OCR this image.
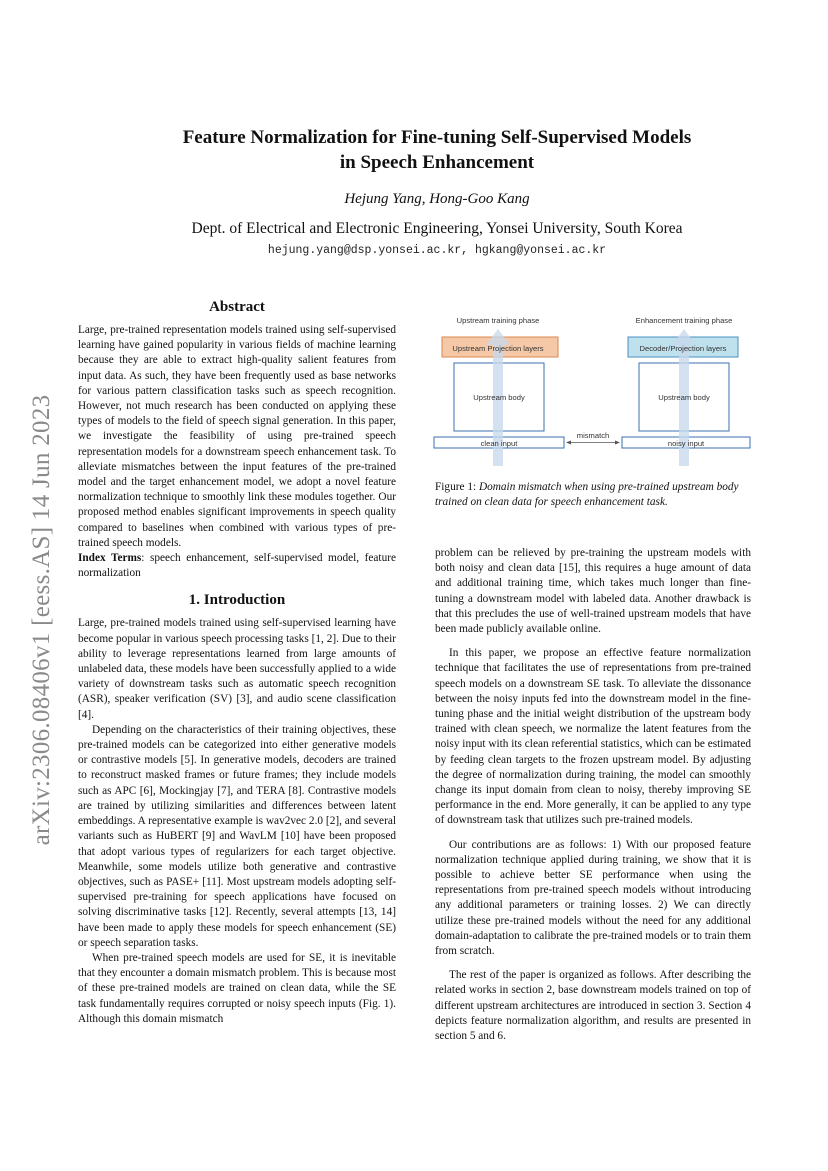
arXiv:2306.08406v1 [eess.AS] 14 Jun 2023
Feature Normalization for Fine-tuning Self-Supervised Models
in Speech Enhancement
Hejung Yang, Hong-Goo Kang
Dept. of Electrical and Electronic Engineering, Yonsei University, South Korea
hejung.yang@dsp.yonsei.ac.kr, hgkang@yonsei.ac.kr
Abstract

Large, pre-trained representation models trained using self-supervised learning have gained popularity in various fields of machine learning because they are able to extract high-quality salient features from input data. As such, they have been frequently used as base networks for various pattern classification tasks such as speech recognition. However, not much research has been conducted on applying these types of models to the field of speech signal generation. In this paper, we investigate the feasibility of using pre-trained speech representation models for a downstream speech enhancement task. To alleviate mismatches between the input features of the pre-trained model and the target enhancement model, we adopt a novel feature normalization technique to smoothly link these modules together. Our proposed method enables significant improvements in speech quality compared to baselines when combined with various types of pre-trained speech models.

Index Terms: speech enhancement, self-supervised model, feature normalization

1. Introduction

Large, pre-trained models trained using self-supervised learning have become popular in various speech processing tasks [1, 2]. Due to their ability to leverage representations learned from large amounts of unlabeled data, these models have been successfully applied to a wide variety of downstream tasks such as automatic speech recognition (ASR), speaker verification (SV) [3], and audio scene classification [4].

Depending on the characteristics of their training objectives, these pre-trained models can be categorized into either generative models or contrastive models [5]. In generative models, decoders are trained to reconstruct masked frames or future frames; they include models such as APC [6], Mockingjay [7], and TERA [8]. Contrastive models are trained by utilizing similarities and differences between latent embeddings. A representative example is wav2vec 2.0 [2], and several variants such as HuBERT [9] and WavLM [10] have been proposed that adopt various types of regularizers for each target objective. Meanwhile, some models utilize both generative and contrastive objectives, such as PASE+ [11]. Most upstream models adopting self-supervised pre-training for speech applications have focused on solving discriminative tasks [12]. Recently, several attempts [13, 14] have been made to apply these models for speech enhancement (SE) or speech separation tasks.

When pre-trained speech models are used for SE, it is inevitable that they encounter a domain mismatch problem. This is because most of these pre-trained models are trained on clean data, while the SE task fundamentally requires corrupted or noisy speech inputs (Fig. 1). Although this domain mismatch

Upstream training phase	Enhancement training phase
Upstream Projection layers	Decoder/Projection layers
Upstream body	Upstream body
clean input	noisy input
mismatch
Figure 1: Domain mismatch when using pre-trained upstream body trained on clean data for speech enhancement task.

problem can be relieved by pre-training the upstream models with both noisy and clean data [15], this requires a huge amount of data and additional training time, which takes much longer than fine-tuning a downstream model with labeled data. Another drawback is that this precludes the use of well-trained upstream models that have been made publicly available online.

In this paper, we propose an effective feature normalization technique that facilitates the use of representations from pre-trained speech models on a downstream SE task. To alleviate the dissonance between the noisy inputs fed into the downstream model in the fine-tuning phase and the initial weight distribution of the upstream body trained with clean speech, we normalize the latent features from the noisy input with its clean referential statistics, which can be estimated by feeding clean targets to the frozen upstream model. By adjusting the degree of normalization during training, the model can smoothly change its input domain from clean to noisy, thereby improving SE performance in the end. More generally, it can be applied to any type of downstream task that utilizes such pre-trained models.

Our contributions are as follows: 1) With our proposed feature normalization technique applied during training, we show that it is possible to achieve better SE performance when using the representations from pre-trained speech models without introducing any additional parameters or training losses. 2) We can directly utilize these pre-trained models without the need for any additional domain-adaptation to calibrate the pre-trained models or to train them from scratch.

The rest of the paper is organized as follows. After describing the related works in section 2, base downstream models trained on top of different upstream architectures are introduced in section 3. Section 4 depicts feature normalization algorithm, and results are presented in section 5 and 6.
